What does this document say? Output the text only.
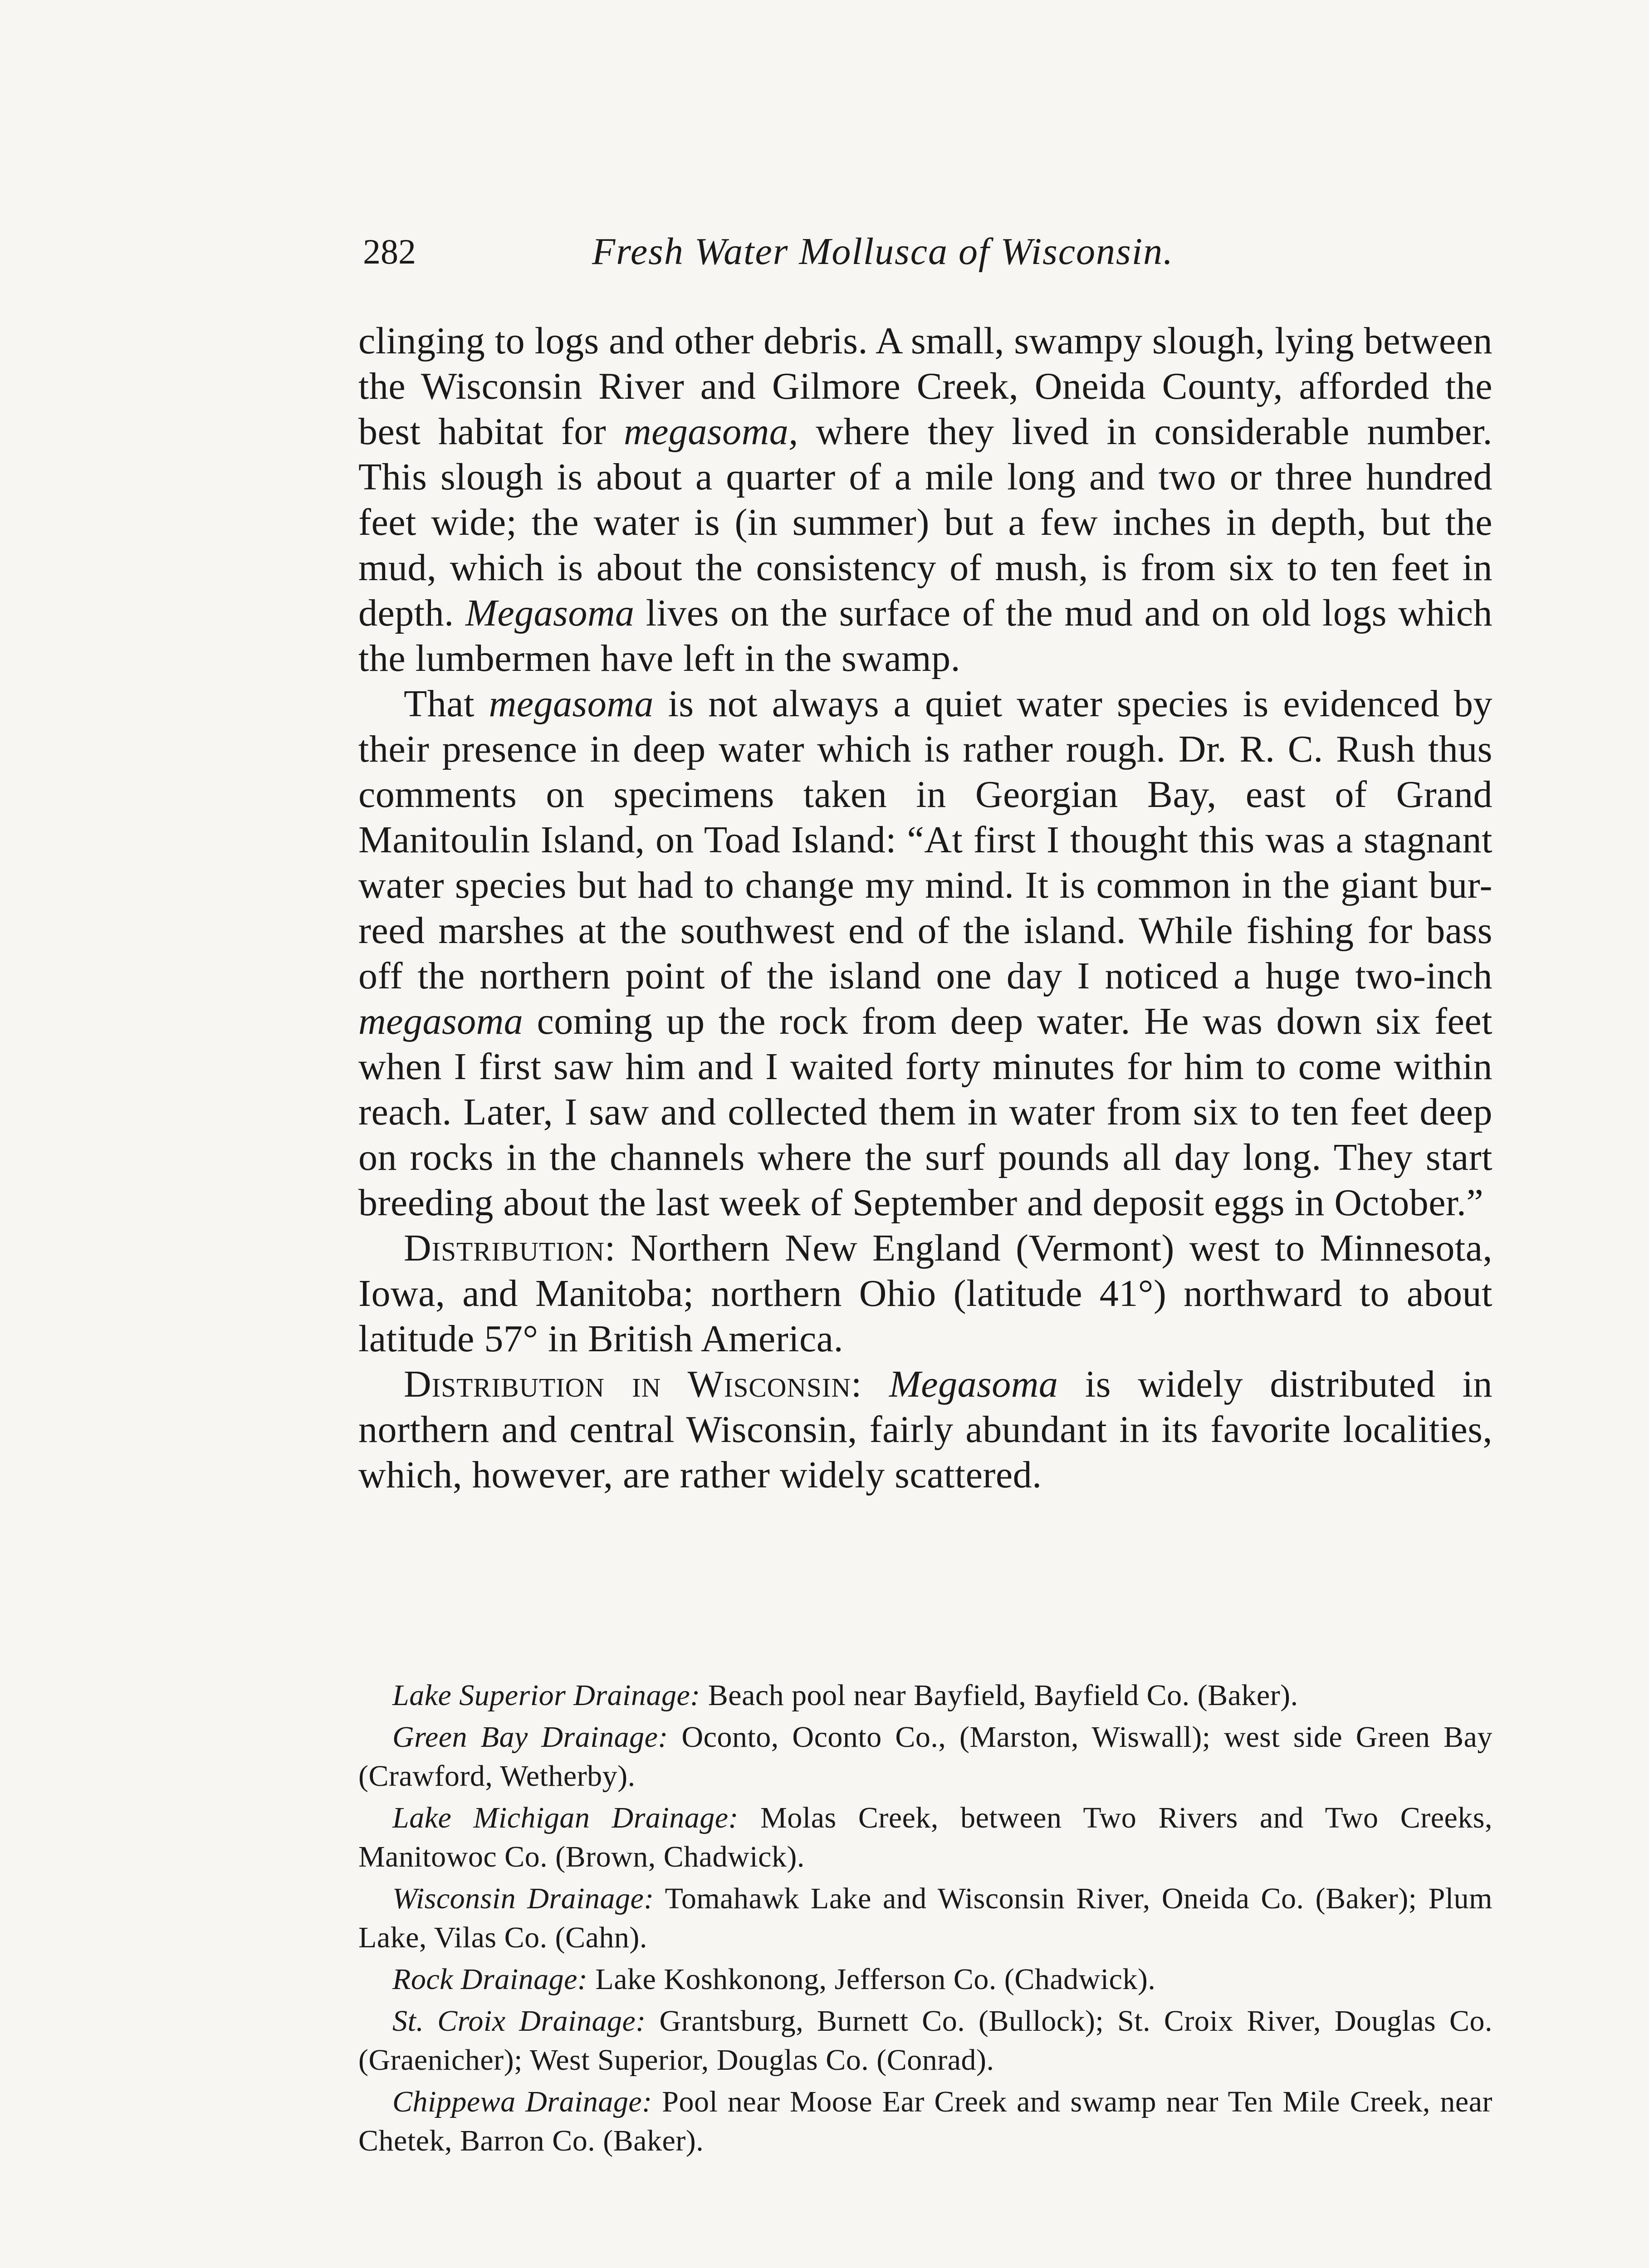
282	Fresh Water Mollusca of Wisconsin.

clinging to logs and other debris. A small, swampy slough, lying between the Wisconsin River and Gilmore Creek, Oneida County, afforded the best habitat for megasoma, where they lived in considerable number. This slough is about a quarter of a mile long and two or three hundred feet wide; the water is (in summer) but a few inches in depth, but the mud, which is about the consistency of mush, is from six to ten feet in depth. Megasoma lives on the surface of the mud and on old logs which the lumbermen have left in the swamp.

That megasoma is not always a quiet water species is evidenced by their presence in deep water which is rather rough. Dr. R. C. Rush thus comments on specimens taken in Georgian Bay, east of Grand Manitoulin Island, on Toad Island: “At first I thought this was a stagnant water species but had to change my mind. It is common in the giant bur-reed marshes at the southwest end of the island. While fishing for bass off the northern point of the island one day I noticed a huge two-inch megasoma coming up the rock from deep water. He was down six feet when I first saw him and I waited forty minutes for him to come within reach. Later, I saw and collected them in water from six to ten feet deep on rocks in the channels where the surf pounds all day long. They start breeding about the last week of September and deposit eggs in October.”

Distribution: Northern New England (Vermont) west to Minnesota, Iowa, and Manitoba; northern Ohio (latitude 41°) northward to about latitude 57° in British America.

Distribution in Wisconsin: Megasoma is widely distributed in northern and central Wisconsin, fairly abundant in its favorite localities, which, however, are rather widely scattered.

Lake Superior Drainage: Beach pool near Bayfield, Bayfield Co. (Baker).

Green Bay Drainage: Oconto, Oconto Co., (Marston, Wiswall); west side Green Bay (Crawford, Wetherby).

Lake Michigan Drainage: Molas Creek, between Two Rivers and Two Creeks, Manitowoc Co. (Brown, Chadwick).

Wisconsin Drainage: Tomahawk Lake and Wisconsin River, Oneida Co. (Baker); Plum Lake, Vilas Co. (Cahn).

Rock Drainage: Lake Koshkonong, Jefferson Co. (Chadwick).

St. Croix Drainage: Grantsburg, Burnett Co. (Bullock); St. Croix River, Douglas Co. (Graenicher); West Superior, Douglas Co. (Conrad).

Chippewa Drainage: Pool near Moose Ear Creek and swamp near Ten Mile Creek, near Chetek, Barron Co. (Baker).
